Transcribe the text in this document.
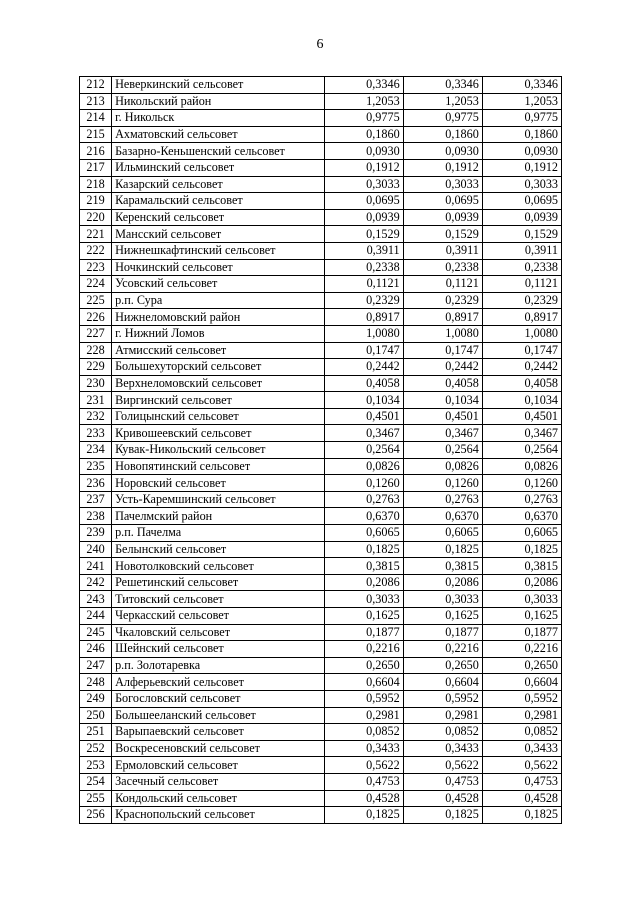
6
212	Неверкинский сельсовет	0,3346	0,3346	0,3346
213	Никольский район	1,2053	1,2053	1,2053
214	г. Никольск	0,9775	0,9775	0,9775
215	Ахматовский сельсовет	0,1860	0,1860	0,1860
216	Базарно-Кеньшенский сельсовет	0,0930	0,0930	0,0930
217	Ильминский сельсовет	0,1912	0,1912	0,1912
218	Казарский сельсовет	0,3033	0,3033	0,3033
219	Карамальский сельсовет	0,0695	0,0695	0,0695
220	Керенский сельсовет	0,0939	0,0939	0,0939
221	Мансский сельсовет	0,1529	0,1529	0,1529
222	Нижнешкафтинский сельсовет	0,3911	0,3911	0,3911
223	Ночкинский сельсовет	0,2338	0,2338	0,2338
224	Усовский сельсовет	0,1121	0,1121	0,1121
225	р.п. Сура	0,2329	0,2329	0,2329
226	Нижнеломовский район	0,8917	0,8917	0,8917
227	г. Нижний Ломов	1,0080	1,0080	1,0080
228	Атмисский сельсовет	0,1747	0,1747	0,1747
229	Большехуторский сельсовет	0,2442	0,2442	0,2442
230	Верхнеломовский сельсовет	0,4058	0,4058	0,4058
231	Виргинский сельсовет	0,1034	0,1034	0,1034
232	Голицынский сельсовет	0,4501	0,4501	0,4501
233	Кривошеевский сельсовет	0,3467	0,3467	0,3467
234	Кувак-Никольский сельсовет	0,2564	0,2564	0,2564
235	Новопятинский сельсовет	0,0826	0,0826	0,0826
236	Норовский сельсовет	0,1260	0,1260	0,1260
237	Усть-Каремшинский сельсовет	0,2763	0,2763	0,2763
238	Пачелмский район	0,6370	0,6370	0,6370
239	р.п. Пачелма	0,6065	0,6065	0,6065
240	Белынский сельсовет	0,1825	0,1825	0,1825
241	Новотолковский сельсовет	0,3815	0,3815	0,3815
242	Решетинский сельсовет	0,2086	0,2086	0,2086
243	Титовский сельсовет	0,3033	0,3033	0,3033
244	Черкасский сельсовет	0,1625	0,1625	0,1625
245	Чкаловский сельсовет	0,1877	0,1877	0,1877
246	Шейнский сельсовет	0,2216	0,2216	0,2216
247	р.п. Золотаревка	0,2650	0,2650	0,2650
248	Алферьевский сельсовет	0,6604	0,6604	0,6604
249	Богословский сельсовет	0,5952	0,5952	0,5952
250	Большееланский сельсовет	0,2981	0,2981	0,2981
251	Варыпаевский сельсовет	0,0852	0,0852	0,0852
252	Воскресеновский сельсовет	0,3433	0,3433	0,3433
253	Ермоловский сельсовет	0,5622	0,5622	0,5622
254	Засечный сельсовет	0,4753	0,4753	0,4753
255	Кондольский сельсовет	0,4528	0,4528	0,4528
256	Краснопольский сельсовет	0,1825	0,1825	0,1825
